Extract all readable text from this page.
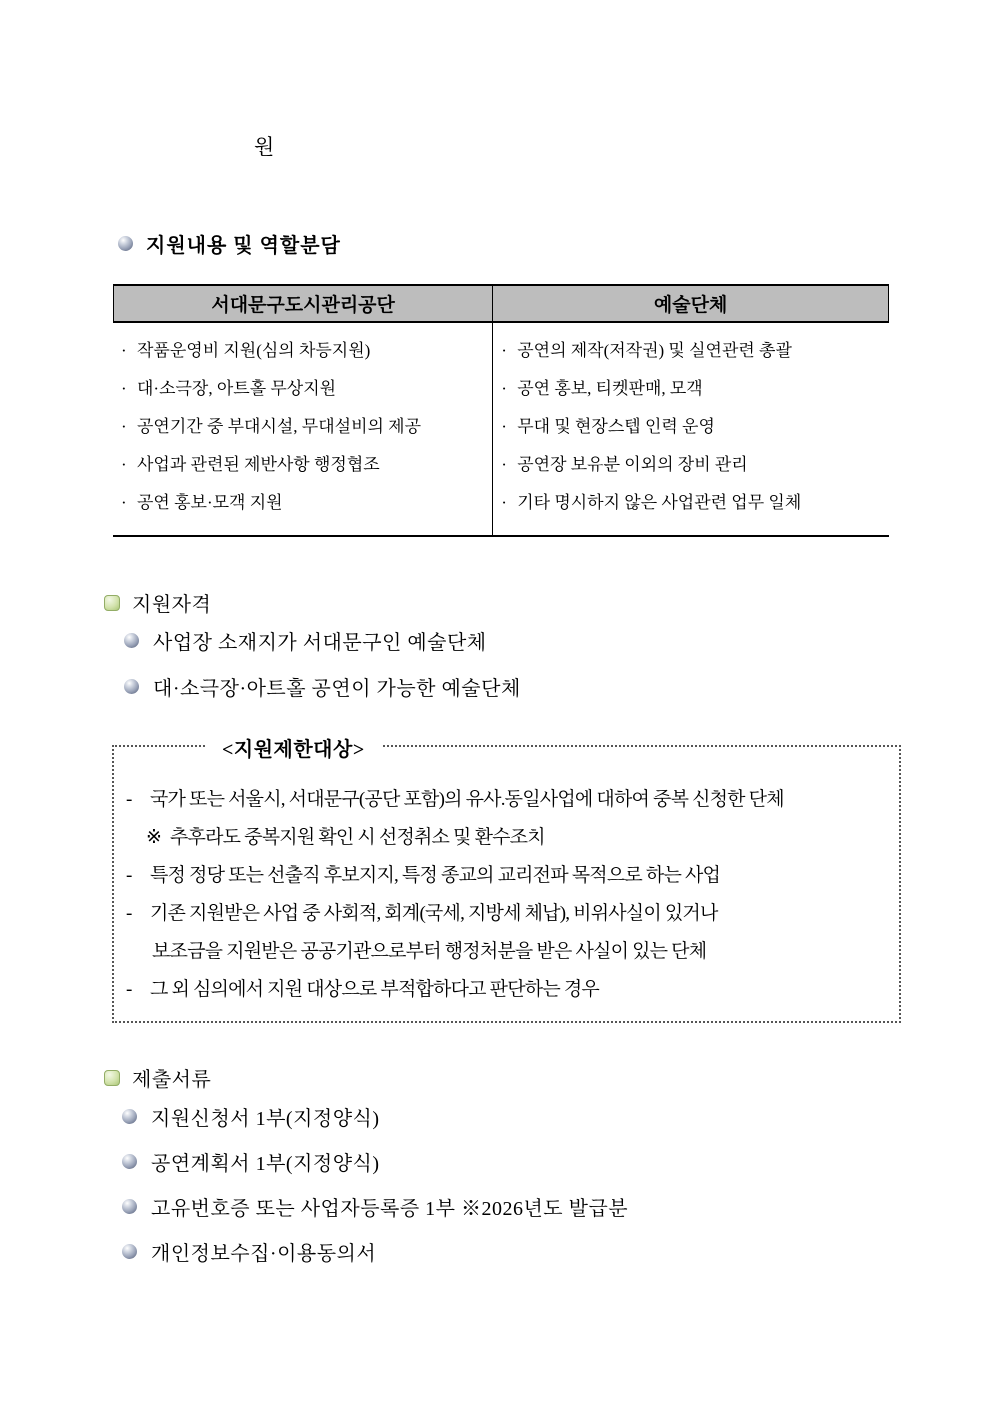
원
지원내용 및 역할분담
서대문구도시관리공단	예술단체
· 작품운영비 지원(심의 차등지원)
· 대·소극장, 아트홀 무상지원
· 공연기간 중 부대시설, 무대설비의 제공
· 사업과 관련된 제반사항 행정협조
· 공연 홍보·모객 지원
· 공연의 제작(저작권) 및 실연관련 총괄
· 공연 홍보, 티켓판매, 모객
· 무대 및 현장스텝 인력 운영
· 공연장 보유분 이외의 장비 관리
· 기타 명시하지 않은 사업관련 업무 일체
지원자격
사업장 소재지가 서대문구인 예술단체
대·소극장·아트홀 공연이 가능한 예술단체
<지원제한대상>
- 국가 또는 서울시, 서대문구(공단 포함)의 유사.동일사업에 대하여 중복 신청한 단체
※ 추후라도 중복지원 확인 시 선정취소 및 환수조치
- 특정 정당 또는 선출직 후보지지, 특정 종교의 교리전파 목적으로 하는 사업
- 기존 지원받은 사업 중 사회적, 회계(국세, 지방세 체납), 비위사실이 있거나
보조금을 지원받은 공공기관으로부터 행정처분을 받은 사실이 있는 단체
- 그 외 심의에서 지원 대상으로 부적합하다고 판단하는 경우
제출서류
지원신청서 1부(지정양식)
공연계획서 1부(지정양식)
고유번호증 또는 사업자등록증 1부 ※2026년도 발급분
개인정보수집·이용동의서
